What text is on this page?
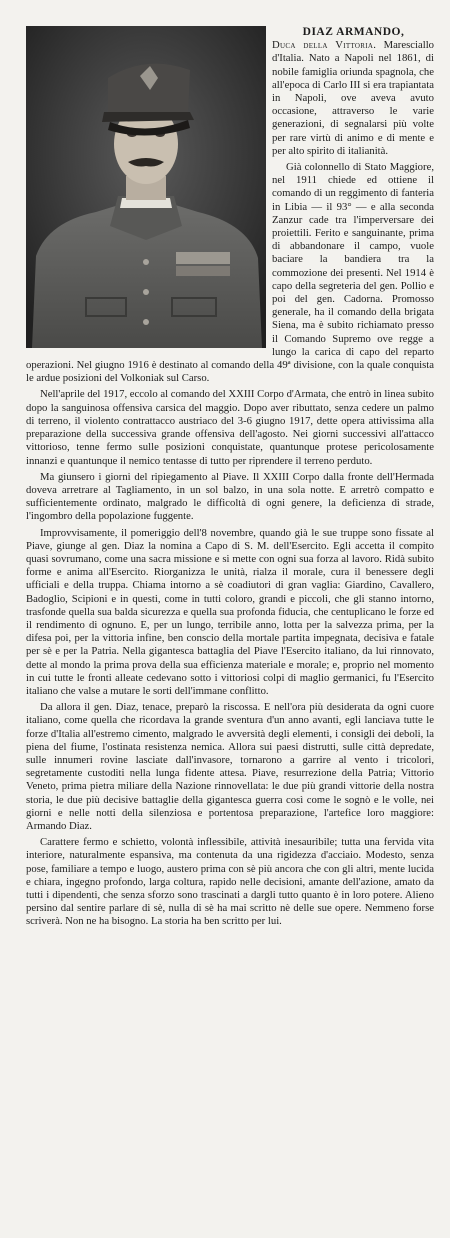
DIAZ ARMANDO,

Duca della Vittoria. Maresciallo d'Italia. Nato a Napoli nel 1861, di nobile famiglia oriunda spagnola, che all'epoca di Carlo III si era trapiantata in Napoli, ove aveva avuto occasione, attraverso le varie generazioni, di segnalarsi più volte per rare virtù di animo e di mente e per alto spirito di italianità.

Già colonnello di Stato Maggiore, nel 1911 chiede ed ottiene il comando di un reggimento di fanteria in Libia — il 93° — e alla seconda Zanzur cade tra l'imperversare dei proiettili. Ferito e sanguinante, prima di abbandonare il campo, vuole baciare la bandiera tra la commozione dei presenti. Nel 1914 è capo della segreteria del gen. Pollio e poi del gen. Cadorna. Promosso generale, ha il comando della brigata Siena, ma è subito richiamato presso il Comando Supremo ove regge a lungo la carica di capo del reparto operazioni. Nel giugno 1916 è destinato al comando della 49ª divisione, con la quale conquista le ardue posizioni del Volkoniak sul Carso.

Nell'aprile del 1917, eccolo al comando del XXIII Corpo d'Armata, che entrò in linea subito dopo la sanguinosa offensiva carsica del maggio. Dopo aver ributtato, senza cedere un palmo di terreno, il violento contrattacco austriaco del 3-6 giugno 1917, dette opera attivissima alla preparazione della successiva grande offensiva dell'agosto. Nei giorni successivi all'attacco vittorioso, tenne fermo sulle posizioni conquistate, quantunque protese pericolosamente innanzi e quantunque il nemico tentasse di tutto per riprendere il terreno perduto.

Ma giunsero i giorni del ripiegamento al Piave. Il XXIII Corpo dalla fronte dell'Hermada doveva arretrare al Tagliamento, in un sol balzo, in una sola notte. E arretrò compatto e sufficientemente ordinato, malgrado le difficoltà di ogni genere, la deficienza di strade, l'ingombro della popolazione fuggente.

Improvvisamente, il pomeriggio dell'8 novembre, quando già le sue truppe sono fissate al Piave, giunge al gen. Diaz la nomina a Capo di S. M. dell'Esercito. Egli accetta il compito quasi sovrumano, come una sacra missione e si mette con ogni sua forza al lavoro. Ridà subito forme e anima all'Esercito. Riorganizza le unità, rialza il morale, cura il benessere degli ufficiali e della truppa. Chiama intorno a sè coadiutori di gran vaglia: Giardino, Cavallero, Badoglio, Scipioni e in questi, come in tutti coloro, grandi e piccoli, che gli stanno intorno, trasfonde quella sua balda sicurezza e quella sua profonda fiducia, che centuplicano le forze ed il rendimento di ognuno. E, per un lungo, terribile anno, lotta per la salvezza prima, per la difesa poi, per la vittoria infine, ben conscio della mortale partita impegnata, decisiva e fatale per sè e per la Patria. Nella gigantesca battaglia del Piave l'Esercito italiano, da lui rinnovato, dette al mondo la prima prova della sua efficienza materiale e morale; e, proprio nel momento in cui tutte le fronti alleate cedevano sotto i vittoriosi colpi di maglio germanici, fu l'Esercito italiano che valse a mutare le sorti dell'immane conflitto.

Da allora il gen. Diaz, tenace, preparò la riscossa. E nell'ora più desiderata da ogni cuore italiano, come quella che ricordava la grande sventura d'un anno avanti, egli lanciava tutte le forze d'Italia all'estremo cimento, malgrado le avversità degli elementi, i consigli dei deboli, la piena del fiume, l'ostinata resistenza nemica. Allora sui paesi distrutti, sulle città depredate, sulle innumeri rovine lasciate dall'invasore, tornarono a garrire al vento i tricolori, segretamente custoditi nella lunga fidente attesa. Piave, resurrezione della Patria; Vittorio Veneto, prima pietra miliare della Nazione rinnovellata: le due più grandi vittorie della nostra storia, le due più decisive battaglie della gigantesca guerra così come le sognò e le volle, nei giorni e nelle notti della silenziosa e portentosa preparazione, l'artefice loro maggiore: Armando Diaz.

Carattere fermo e schietto, volontà inflessibile, attività inesauribile; tutta una fervida vita interiore, naturalmente espansiva, ma contenuta da una rigidezza d'acciaio. Modesto, senza pose, familiare a tempo e luogo, austero prima con sè più ancora che con gli altri, mente lucida e chiara, ingegno profondo, larga coltura, rapido nelle decisioni, amante dell'azione, amato da tutti i dipendenti, che senza sforzo sono trascinati a dargli tutto quanto è in loro potere. Alieno persino dal sentire parlare di sè, nulla di sè ha mai scritto nè delle sue opere. Nemmeno forse scriverà. Non ne ha bisogno. La storia ha ben scritto per lui.
